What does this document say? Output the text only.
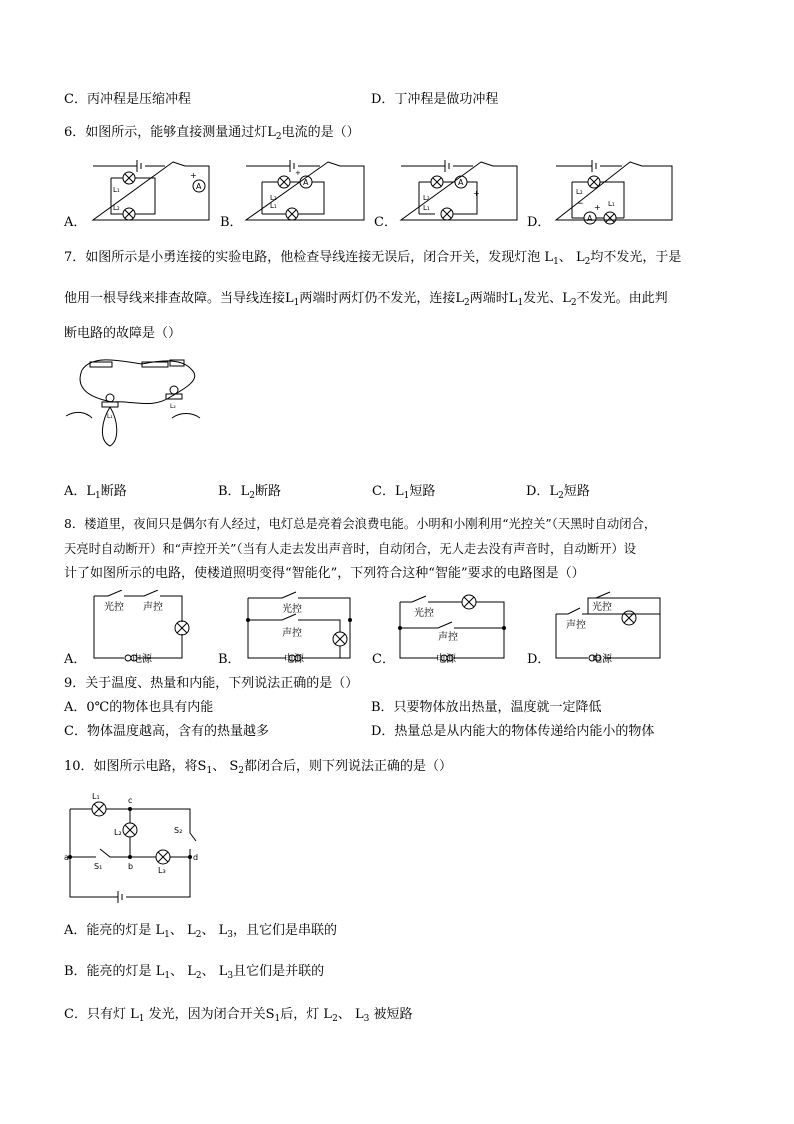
C．丙冲程是压缩冲程	D．丁冲程是做功冲程
6．如图所示，能够直接测量通过灯$L_2$电流的是（）
A
+
L₁
L₂
A
+
L₂
L₁
A
+
L₂
L₁
A
− + L₁
L₂
A．	B．	C．	D．
7．如图所示是小勇连接的实验电路，他检查导线连接无误后，闭合开关，发现灯泡 $L_1$、 $L_2$均不发光，于是
他用一根导线来排查故障。当导线连接$L_1$两端时两灯仍不发光，连接$L_2$两端时$L_1$发光、$L_2$不发光。由此判
断电路的故障是（）
L₁
L₂
A．$L_1$断路	B．$L_2$断路	C．$L_1$短路	D．$L_2$短路
8．楼道里，夜间只是偶尔有人经过，电灯总是亮着会浪费电能。小明和小刚利用“光控关”（天黑时自动闭合，
天亮时自动断开）和“声控开关”（当有人走去发出声音时，自动闭合，无人走去没有声音时，自动断开）设
计了如图所示的电路，使楼道照明变得“智能化”，下列符合这种“智能”要求的电路图是（）
光控 声控
电源
光控
声控
电源
光控
声控
电源
光控
声控
电源
A．	B．	C．	D．
9．关于温度、热量和内能，下列说法正确的是（）
A．0℃的物体也具有内能	B．只要物体放出热量，温度就一定降低
C．物体温度越高，含有的热量越多	D．热量总是从内能大的物体传递给内能小的物体
10．如图所示电路，将$S_1$、 $S_2$都闭合后，则下列说法正确的是（）
L₁
L₂
L₃
S₁
S₂
a
c
b
d
A．能亮的灯是 $L_1$、 $L_2$、 $L_3$，且它们是串联的
B．能亮的灯是 $L_1$、 $L_2$、 $L_3$且它们是并联的
C．只有灯 $L_1$ 发光，因为闭合开关$S_1$后，灯 $L_2$、 $L_3$ 被短路
